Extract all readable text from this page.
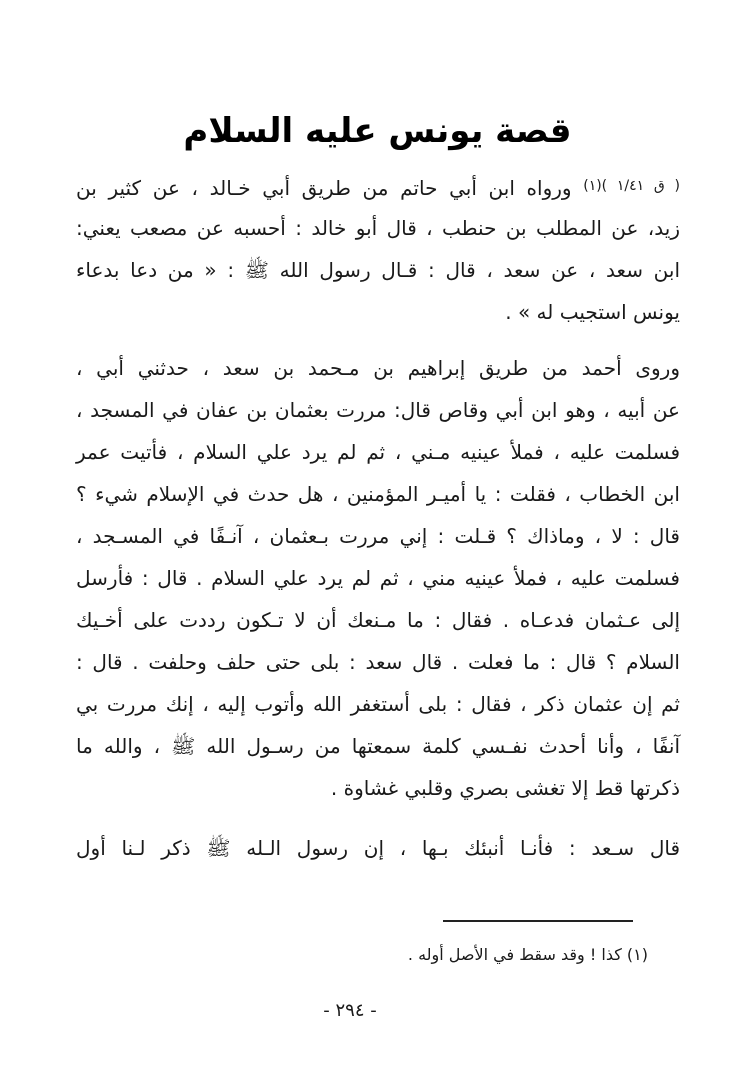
قصة يونس عليه السلام
$^{( ق ١/٤١ )(١)}$ ورواه ابن أبي حاتم من طريق أبي خـالد ، عن كثير بن
زيد، عن المطلب بن حنطب ، قال أبو خالد : أحسبه عن مصعب يعني:
ابن سعد ، عن سعد ، قال : قـال رسول الله ﷺ : « من دعا بدعاء
يونس استجيب له » .
وروى أحمد من طريق إبراهيم بن مـحمد بن سعد ، حدثني أبي ،
عن أبيه ، وهو ابن أبي وقاص قال: مررت بعثمان بن عفان في المسجد ،
فسلمت عليه ، فملأ عينيه مـني ، ثم لم يرد علي السلام ، فأتيت عمر
ابن الخطاب ، فقلت : يا أميـر المؤمنين ، هل حدث في الإسلام شيء ؟
قال : لا ، وماذاك ؟ قـلت : إني مررت بـعثمان ، آنـفًا في المسـجد ،
فسلمت عليه ، فملأ عينيه مني ، ثم لم يرد علي السلام . قال : فأرسل
إلى عـثمان فدعـاه . فقال : ما مـنعك أن لا تـكون رددت على أخـيك
السلام ؟ قال : ما فعلت . قال سعد : بلى حتى حلف وحلفت . قال :
ثم إن عثمان ذكر ، فقال : بلى أستغفر الله وأتوب إليه ، إنك مررت بي
آنفًا ، وأنا أحدث نفـسي كلمة سمعتها من رسـول الله ﷺ ، والله ما
ذكرتها قط إلا تغشى بصري وقلبي غشاوة .
قال سـعد : فأنـا أنبئك بـها ، إن رسول الـله ﷺ ذكر لـنا أول
(١) كذا ! وقد سقط في الأصل أوله .
- ٢٩٤ -
